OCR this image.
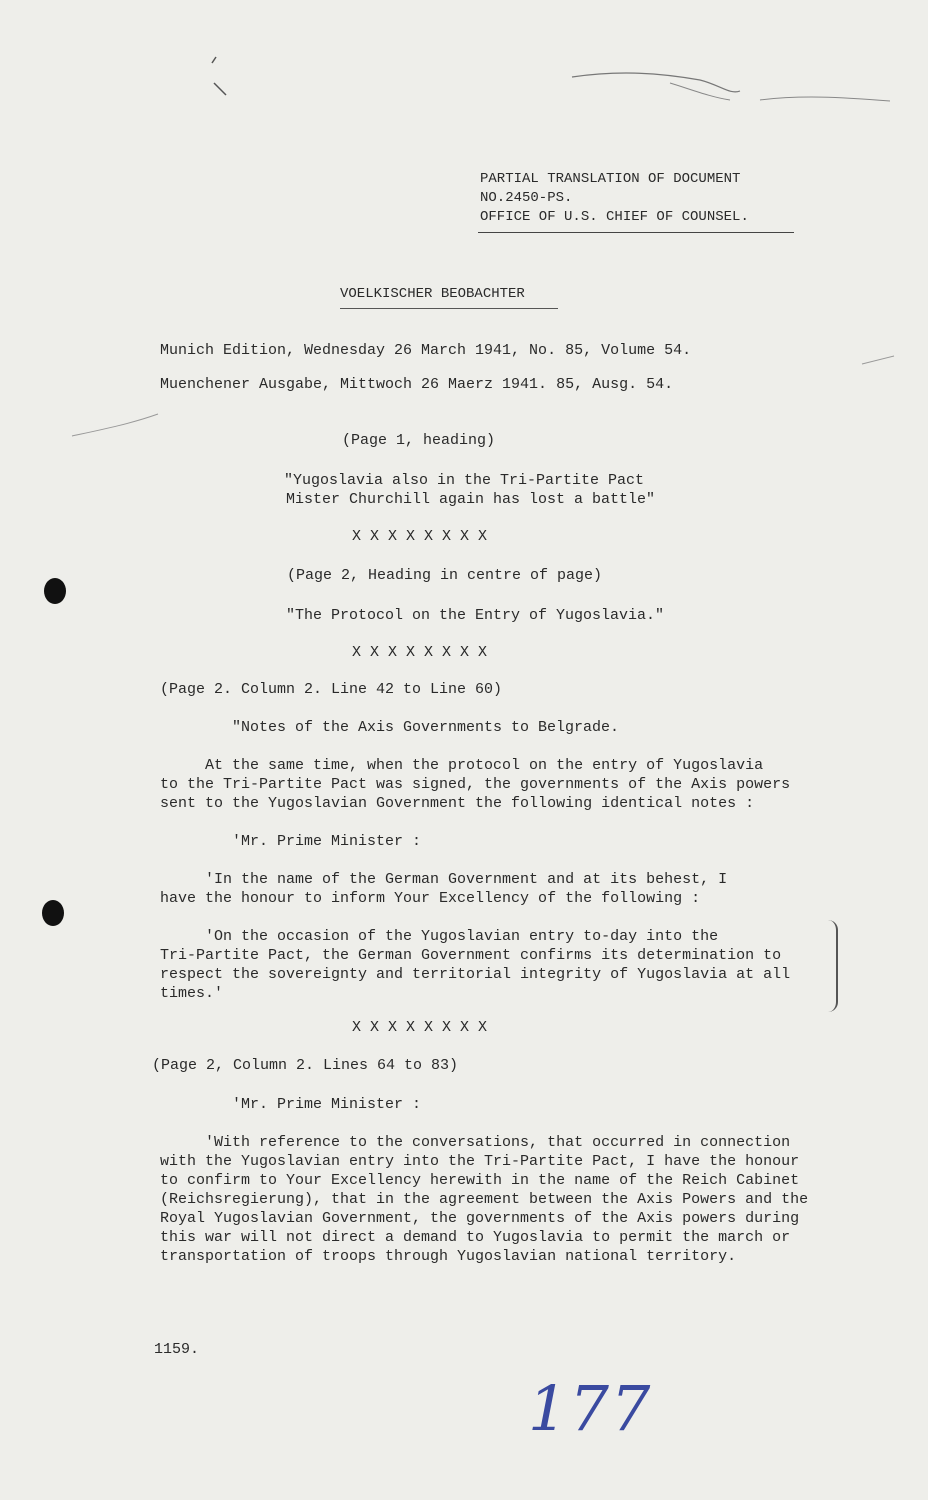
PARTIAL TRANSLATION OF DOCUMENT
NO.2450-PS.
OFFICE OF U.S. CHIEF OF COUNSEL.
VOELKISCHER BEOBACHTER
Munich Edition, Wednesday 26 March 1941, No. 85, Volume 54.
Muenchener Ausgabe, Mittwoch 26 Maerz 1941. 85, Ausg. 54.
(Page 1, heading)
"Yugoslavia also in the Tri-Partite Pact
Mister Churchill again has lost a battle"
X X X X X X X X
(Page 2, Heading in centre of page)
"The Protocol on the Entry of Yugoslavia."
X X X X X X X X
(Page 2. Column 2. Line 42 to Line 60)
"Notes of the Axis Governments to Belgrade.
At the same time, when the protocol on the entry of Yugoslavia
to the Tri-Partite Pact was signed, the governments of the Axis powers
sent to the Yugoslavian Government the following identical notes :
'Mr. Prime Minister :
'In the name of the German Government and at its behest, I
have the honour to inform Your Excellency of the following :
'On the occasion of the Yugoslavian entry to-day into the
Tri-Partite Pact, the German Government confirms its determination to
respect the sovereignty and territorial integrity of Yugoslavia at all
times.'
X X X X X X X X
(Page 2, Column 2. Lines 64 to 83)
'Mr. Prime Minister :
'With reference to the conversations, that occurred in connection
with the Yugoslavian entry into the Tri-Partite Pact, I have the honour
to confirm to Your Excellency herewith in the name of the Reich Cabinet
(Reichsregierung), that in the agreement between the Axis Powers and the
Royal Yugoslavian Government, the governments of the Axis powers during
this war will not direct a demand to Yugoslavia to permit the march or
transportation of troops through Yugoslavian national territory.
1159.
177
